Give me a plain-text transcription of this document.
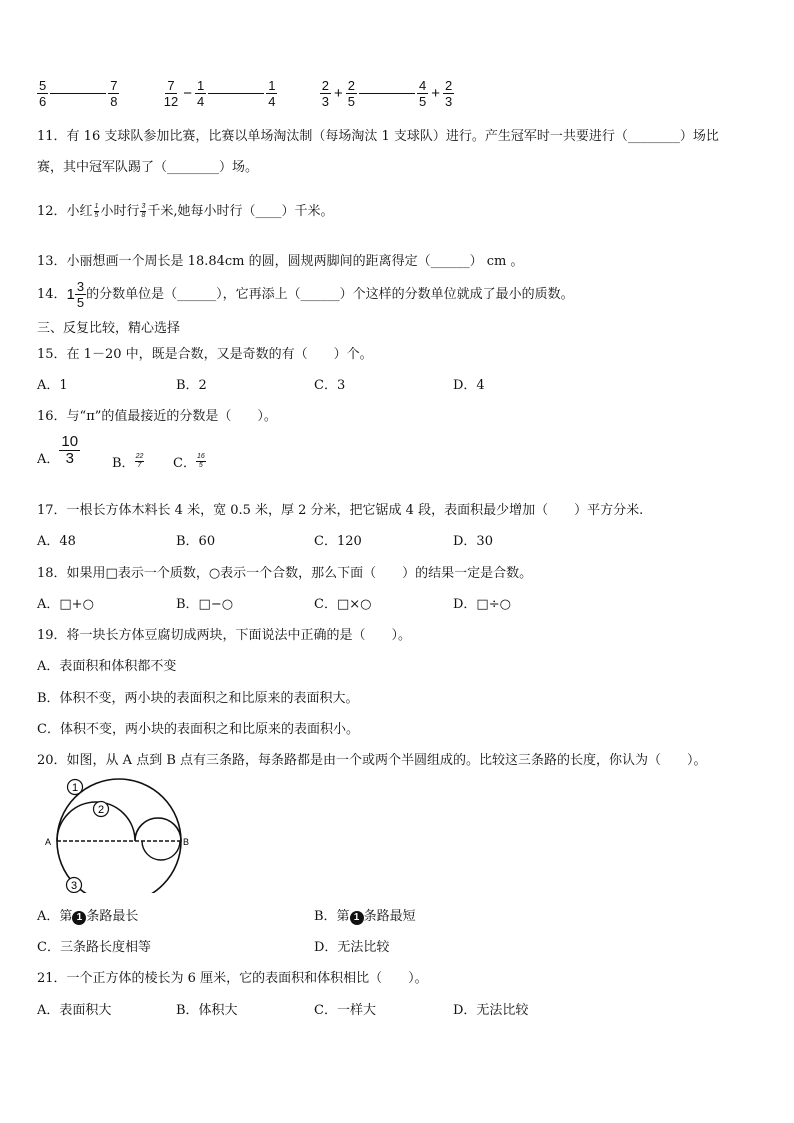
$\frac{5}{6}$	$\frac{7}{8}$
	$\frac{7}{12} - \frac{1}{4}$	$\frac{1}{4}$
	$\frac{2}{3} + \frac{2}{5}$	$\frac{4}{5} + \frac{2}{3}$
11．有 16 支球队参加比赛，比赛以单场淘汰制（每场淘汰 1 支球队）进行。产生冠军时一共要进行（________）场比
赛，其中冠军队踢了（________）场。
12．小红 $\frac{1}{5}$ 小时行 $\frac{3}{8}$ 千米,她每小时行（____）千米。
13．小丽想画一个周长是 18.84cm 的圆，圆规两脚间的距离得定（______） cm 。
14．$1 \frac{3}{5}$ 的分数单位是（______），它再添上（______）个这样的分数单位就成了最小的质数。
三、反复比较，精心选择
15．在 1－20 中，既是合数，又是奇数的有（　　）个。
A．1	B．2	C．3	D．4
16．与“π”的值最接近的分数是（　　）。
A． $\frac{10}{3}$ B． $\frac{22}{7}$ C． $\frac{16}{5}$
17．一根长方体木料长 4 米，宽 0.5 米，厚 2 分米，把它锯成 4 段，表面积最少增加（　　）平方分米.
A．48	B．60	C．120	D．30
18．如果用□表示一个质数，○表示一个合数，那么下面（　　）的结果一定是合数。
A．□+○	B．□−○	C．□×○	D．□÷○
19．将一块长方体豆腐切成两块，下面说法中正确的是（　　）。
A．表面积和体积都不变
B．体积不变，两小块的表面积之和比原来的表面积大。
C．体积不变，两小块的表面积之和比原来的表面积小。
20．如图，从 A 点到 B 点有三条路，每条路都是由一个或两个半圆组成的。比较这三条路的长度，你认为（　　）。
1
2
3
A	B
A．第 1 条路最长	B．第 1 条路最短
C．三条路长度相等	D．无法比较
21．一个正方体的棱长为 6 厘米，它的表面积和体积相比（　　）。
A．表面积大	B．体积大	C．一样大	D．无法比较
